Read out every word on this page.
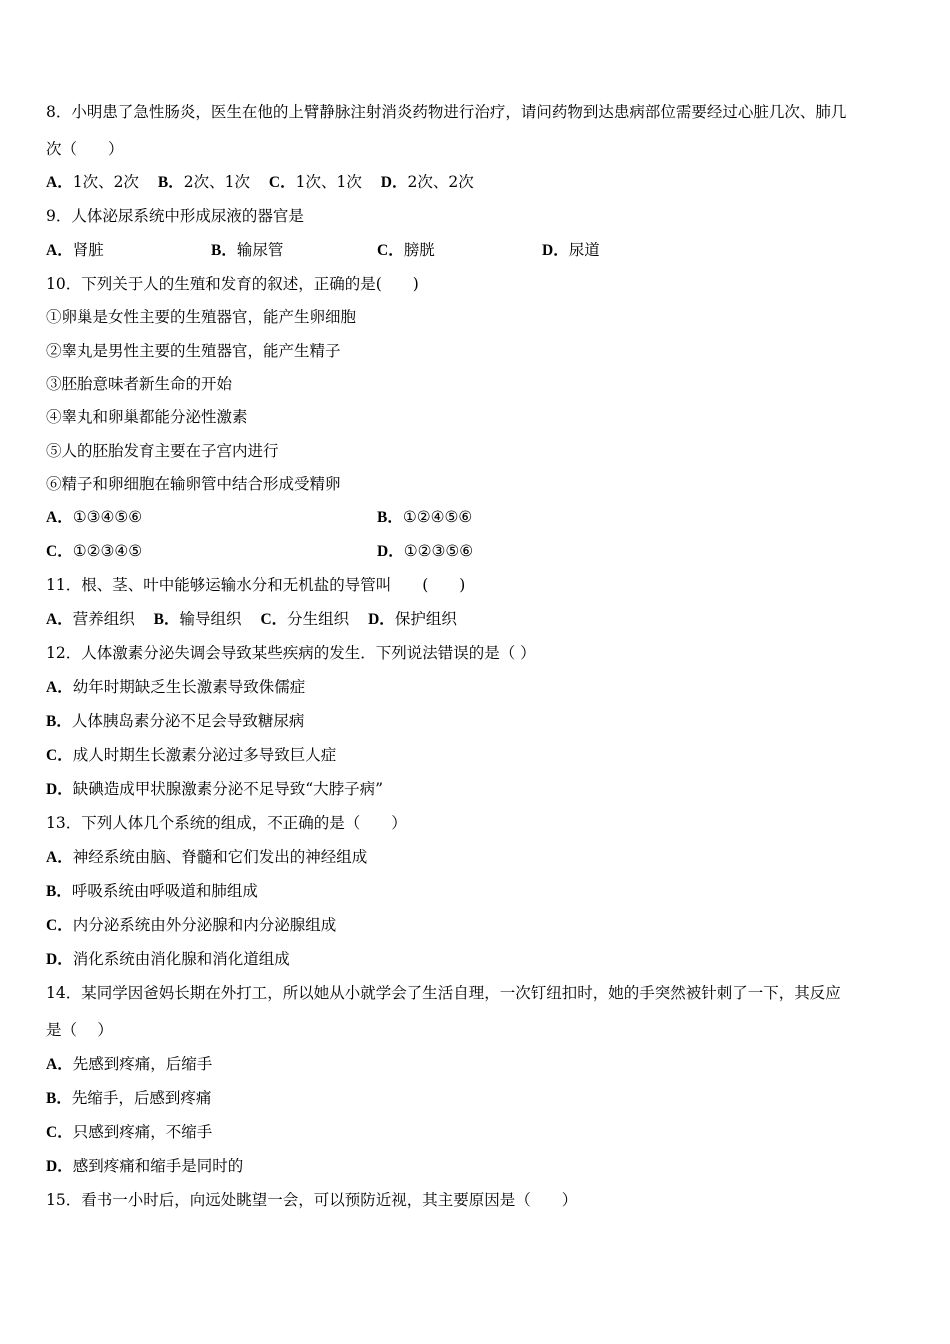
8．小明患了急性肠炎，医生在他的上臂静脉注射消炎药物进行治疗，请问药物到达患病部位需要经过心脏几次、肺几
次（　　）
A．1次、2次 B．2次、1次 C．1次、1次 D．2次、2次
9．人体泌尿系统中形成尿液的器官是
A．肾脏	B．输尿管	C．膀胱	D．尿道
10．下列关于人的生殖和发育的叙述，正确的是(　　)
①卵巢是女性主要的生殖器官，能产生卵细胞
②睾丸是男性主要的生殖器官，能产生精子
③胚胎意味者新生命的开始
④睾丸和卵巢都能分泌性激素
⑤人的胚胎发育主要在子宫内进行
⑥精子和卵细胞在输卵管中结合形成受精卵
A．①③④⑤⑥	B．①②④⑤⑥
C．①②③④⑤	D．①②③⑤⑥
11．根、茎、叶中能够运输水分和无机盐的导管叫　　(　　)
A．营养组织 B．输导组织 C．分生组织 D．保护组织
12．人体激素分泌失调会导致某些疾病的发生．下列说法错误的是（ ）
A．幼年时期缺乏生长激素导致侏儒症
B．人体胰岛素分泌不足会导致糖尿病
C．成人时期生长激素分泌过多导致巨人症
D．缺碘造成甲状腺激素分泌不足导致“大脖子病”
13．下列人体几个系统的组成，不正确的是（　　）
A．神经系统由脑、脊髓和它们发出的神经组成
B．呼吸系统由呼吸道和肺组成
C．内分泌系统由外分泌腺和内分泌腺组成
D．消化系统由消化腺和消化道组成
14．某同学因爸妈长期在外打工，所以她从小就学会了生活自理，一次钉纽扣时，她的手突然被针刺了一下，其反应
是（　 ）
A．先感到疼痛，后缩手
B．先缩手，后感到疼痛
C．只感到疼痛，不缩手
D．感到疼痛和缩手是同时的
15．看书一小时后，向远处眺望一会，可以预防近视，其主要原因是（　　）
